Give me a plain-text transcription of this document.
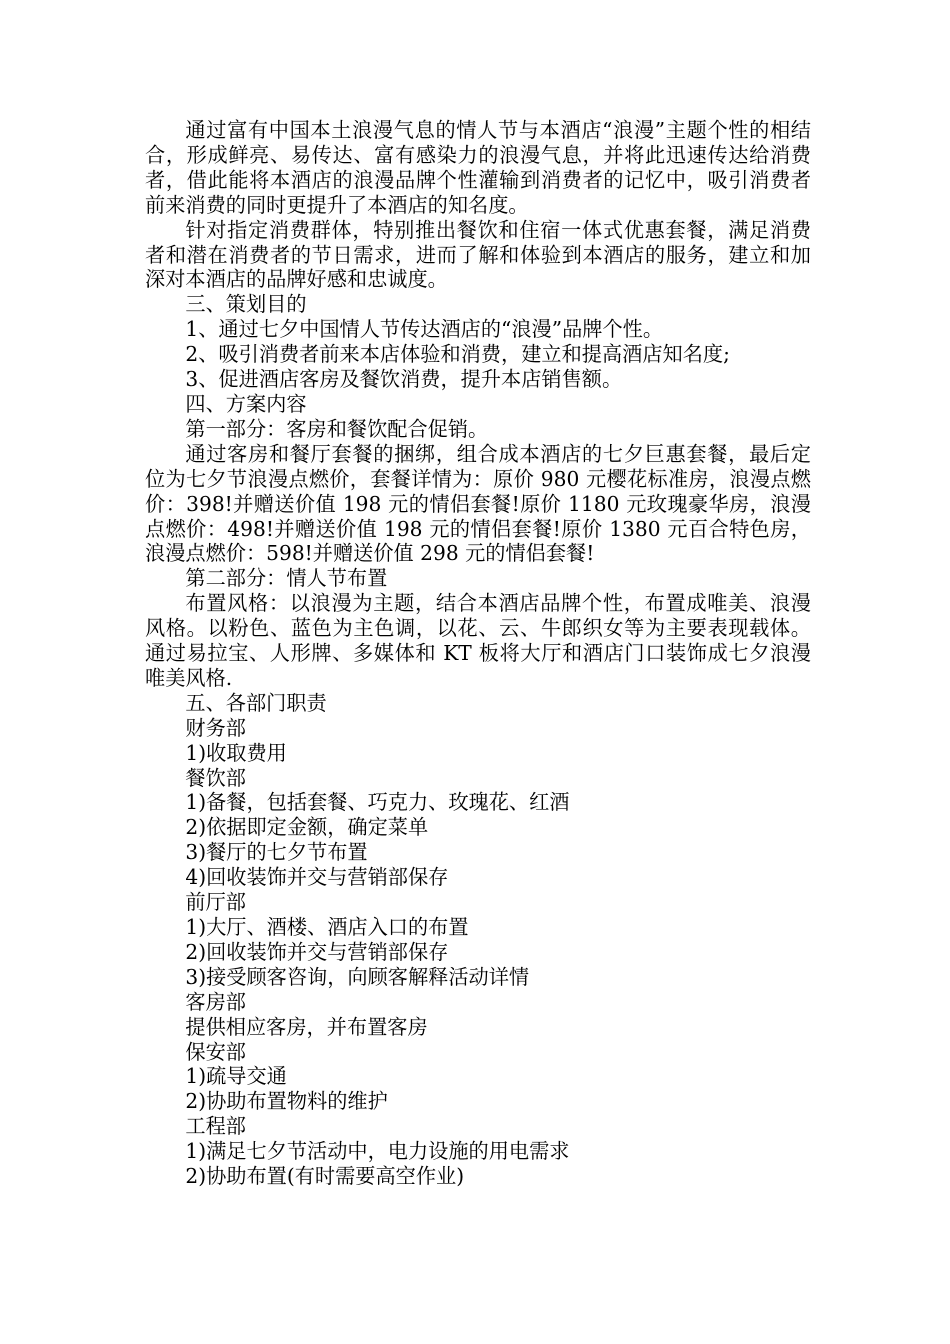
通过富有中国本土浪漫气息的情人节与本酒店“浪漫”主题个性的相结合，形成鲜亮、易传达、富有感染力的浪漫气息，并将此迅速传达给消费者，借此能将本酒店的浪漫品牌个性灌输到消费者的记忆中，吸引消费者前来消费的同时更提升了本酒店的知名度。

针对指定消费群体，特别推出餐饮和住宿一体式优惠套餐，满足消费者和潜在消费者的节日需求，进而了解和体验到本酒店的服务，建立和加深对本酒店的品牌好感和忠诚度。

三、策划目的

1、通过七夕中国情人节传达酒店的“浪漫”品牌个性。

2、吸引消费者前来本店体验和消费，建立和提高酒店知名度;

3、促进酒店客房及餐饮消费，提升本店销售额。

四、方案内容

第一部分：客房和餐饮配合促销。

通过客房和餐厅套餐的捆绑，组合成本酒店的七夕巨惠套餐，最后定位为七夕节浪漫点燃价，套餐详情为：原价 980 元樱花标准房，浪漫点燃价：398!并赠送价值 198 元的情侣套餐!原价 1180 元玫瑰豪华房，浪漫点燃价：498!并赠送价值 198 元的情侣套餐!原价 1380 元百合特色房，浪漫点燃价：598!并赠送价值 298 元的情侣套餐!

第二部分：情人节布置

布置风格：以浪漫为主题，结合本酒店品牌个性，布置成唯美、浪漫风格。以粉色、蓝色为主色调，以花、云、牛郎织女等为主要表现载体。通过易拉宝、人形牌、多媒体和 KT 板将大厅和酒店门口装饰成七夕浪漫唯美风格.

五、各部门职责

财务部

1)收取费用

餐饮部

1)备餐，包括套餐、巧克力、玫瑰花、红酒

2)依据即定金额，确定菜单

3)餐厅的七夕节布置

4)回收装饰并交与营销部保存

前厅部

1)大厅、酒楼、酒店入口的布置

2)回收装饰并交与营销部保存

3)接受顾客咨询，向顾客解释活动详情

客房部

提供相应客房，并布置客房

保安部

1)疏导交通

2)协助布置物料的维护

工程部

1)满足七夕节活动中，电力设施的用电需求

2)协助布置(有时需要高空作业)
